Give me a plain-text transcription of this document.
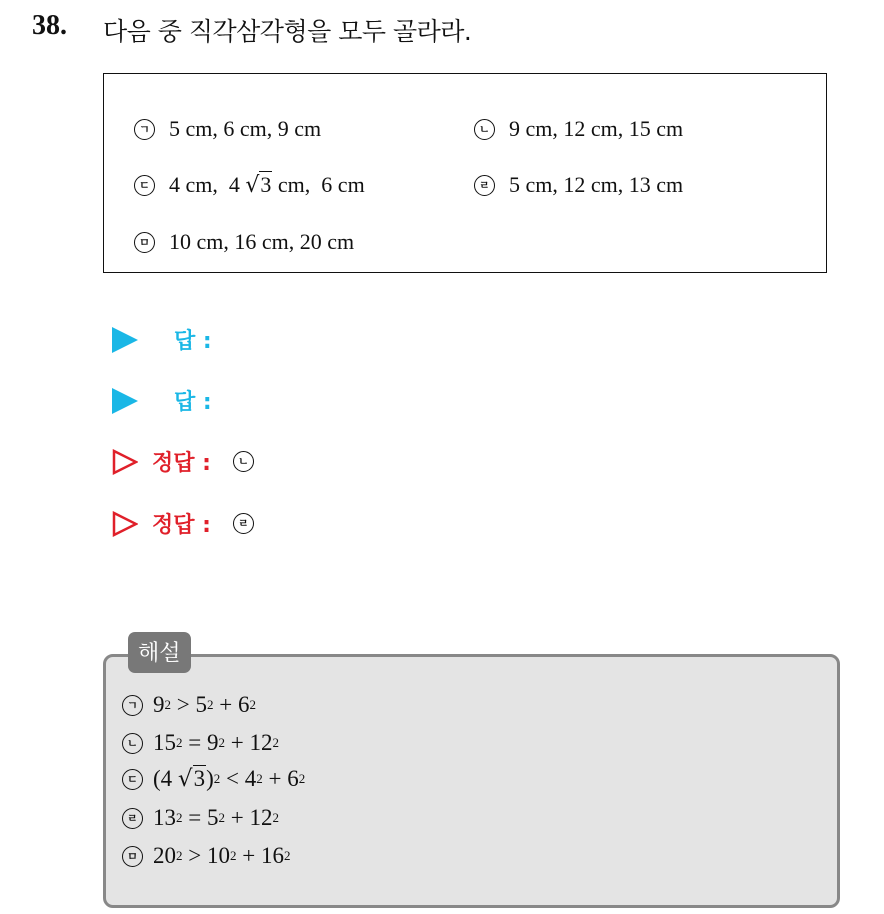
38. 다음 중 직각삼각형을 모두 골라라.
ㄱ 5 cm, 6 cm, 9 cm	ㄴ 9 cm, 12 cm, 15 cm
ㄷ 4 cm,  4 √3 cm,  6 cm	ㄹ 5 cm, 12 cm, 13 cm
ㅁ 10 cm, 16 cm, 20 cm
답 :
답 :
정답 :	ㄴ
정답 :	ㄹ
해설
ㄱ 9 2 > 5 2 + 6 2
ㄴ 15 2 = 9 2 + 12 2
ㄷ (4 √3 ) 2 < 4 2 + 6 2
ㄹ 13 2 = 5 2 + 12 2
ㅁ 20 2 > 10 2 + 16 2
